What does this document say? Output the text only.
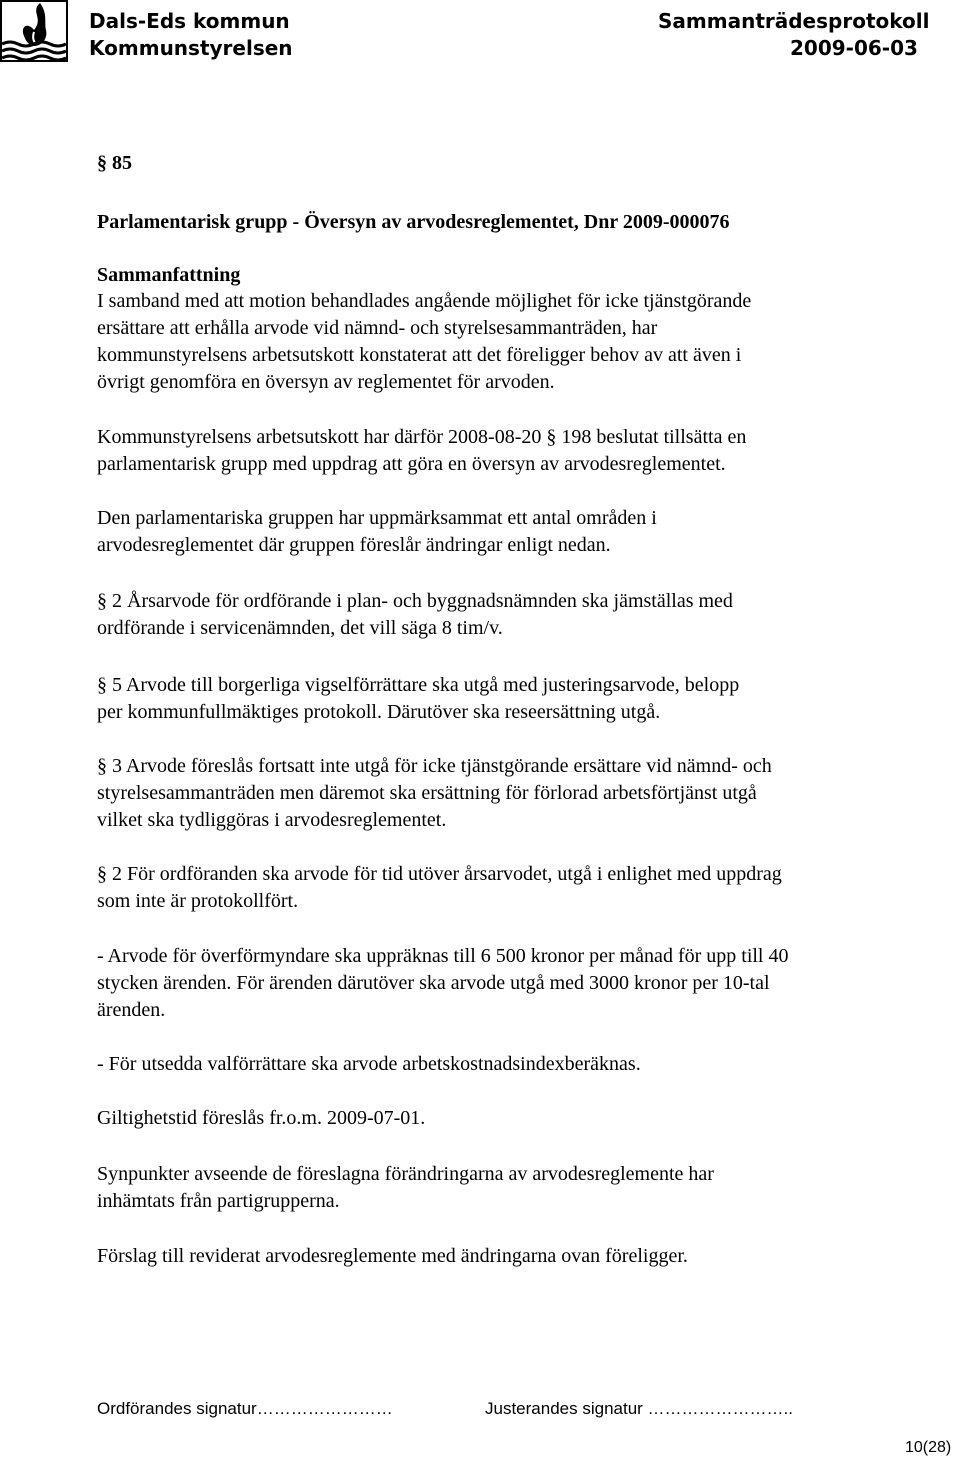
Dals-Eds kommun
Kommunstyrelsen
Sammanträdesprotokoll
2009-06-03
§ 85
Parlamentarisk grupp - Översyn av arvodesreglementet, Dnr 2009-000076
Sammanfattning
I samband med att motion behandlades angående möjlighet för icke tjänstgörande
ersättare att erhålla arvode vid nämnd- och styrelsesammanträden, har
kommunstyrelsens arbetsutskott konstaterat att det föreligger behov av att även i
övrigt genomföra en översyn av reglementet för arvoden.
Kommunstyrelsens arbetsutskott har därför 2008-08-20 § 198 beslutat tillsätta en
parlamentarisk grupp med uppdrag att göra en översyn av arvodesreglementet.
Den parlamentariska gruppen har uppmärksammat ett antal områden i
arvodesreglementet där gruppen föreslår ändringar enligt nedan.
§ 2 Årsarvode för ordförande i plan- och byggnadsnämnden ska jämställas med
ordförande i servicenämnden, det vill säga 8 tim/v.
§ 5 Arvode till borgerliga vigselförrättare ska utgå med justeringsarvode, belopp
per kommunfullmäktiges protokoll. Därutöver ska reseersättning utgå.
§ 3 Arvode föreslås fortsatt inte utgå för icke tjänstgörande ersättare vid nämnd- och
styrelsesammanträden men däremot ska ersättning för förlorad arbetsförtjänst utgå
vilket ska tydliggöras i arvodesreglementet.
§ 2 För ordföranden ska arvode för tid utöver årsarvodet, utgå i enlighet med uppdrag
som inte är protokollfört.
- Arvode för överförmyndare ska uppräknas till 6 500 kronor per månad för upp till 40
stycken ärenden. För ärenden därutöver ska arvode utgå med 3000 kronor per 10-tal
ärenden.
- För utsedda valförrättare ska arvode arbetskostnadsindexberäknas.
Giltighetstid föreslås fr.o.m. 2009-07-01.
Synpunkter avseende de föreslagna förändringarna av arvodesreglemente har
inhämtats från partigrupperna.
Förslag till reviderat arvodesreglemente med ändringarna ovan föreligger.
Ordförandes signatur……………………	Justerandes signatur ……………………..
10(28)
